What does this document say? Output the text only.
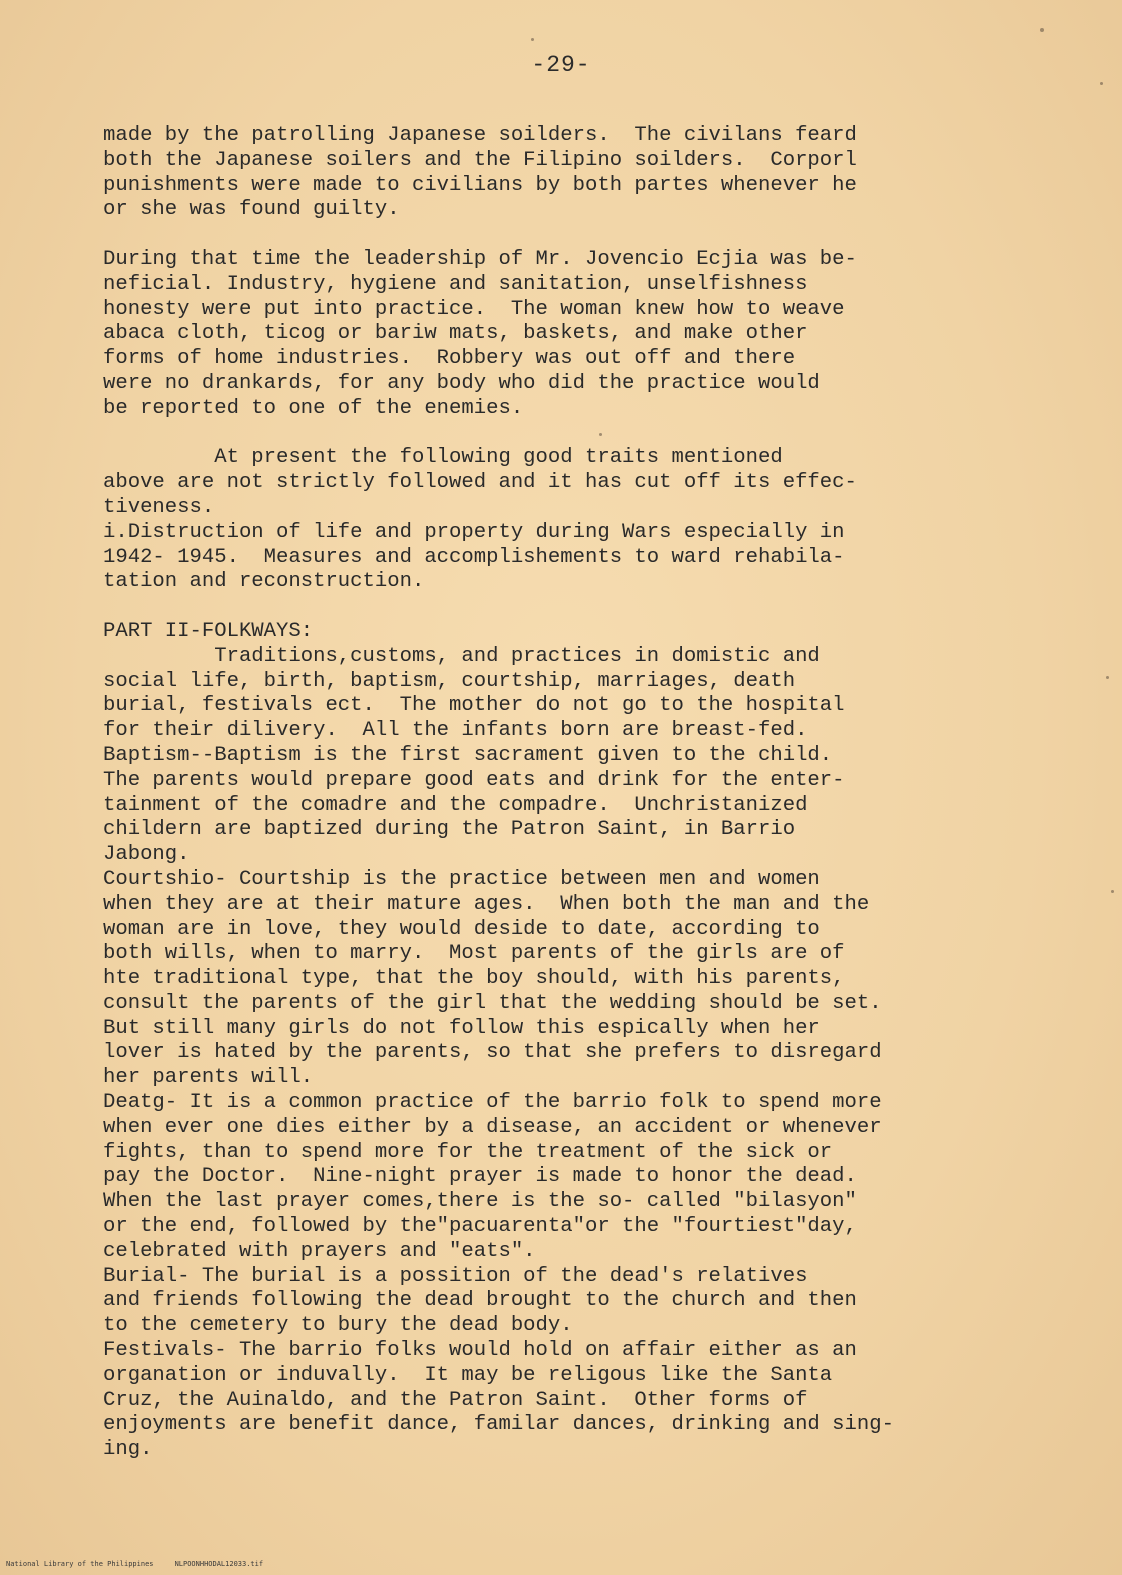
-29-
made by the patrolling Japanese soilders.  The civilans feard
both the Japanese soilers and the Filipino soilders.  Corporl
punishments were made to civilians by both partes whenever he
or she was found guilty.
During that time the leadership of Mr. Jovencio Ecjia was be-
neficial. Industry, hygiene and sanitation, unselfishness
honesty were put into practice.  The woman knew how to weave
abaca cloth, ticog or bariw mats, baskets, and make other
forms of home industries.  Robbery was out off and there
were no drankards, for any body who did the practice would
be reported to one of the enemies.
At present the following good traits mentioned
above are not strictly followed and it has cut off its effec-
tiveness.
i.Distruction of life and property during Wars especially in
1942- 1945.  Measures and accomplishements to ward rehabila-
tation and reconstruction.
PART II-FOLKWAYS:
Traditions,customs, and practices in domistic and
social life, birth, baptism, courtship, marriages, death
burial, festivals ect.  The mother do not go to the hospital
for their dilivery.  All the infants born are breast-fed.
Baptism--Baptism is the first sacrament given to the child.
The parents would prepare good eats and drink for the enter-
tainment of the comadre and the compadre.  Unchristanized
childern are baptized during the Patron Saint, in Barrio
Jabong.
Courtshio- Courtship is the practice between men and women
when they are at their mature ages.  When both the man and the
woman are in love, they would deside to date, according to
both wills, when to marry.  Most parents of the girls are of
hte traditional type, that the boy should, with his parents,
consult the parents of the girl that the wedding should be set.
But still many girls do not follow this espically when her
lover is hated by the parents, so that she prefers to disregard
her parents will.
Deatg- It is a common practice of the barrio folk to spend more
when ever one dies either by a disease, an accident or whenever
fights, than to spend more for the treatment of the sick or
pay the Doctor.  Nine-night prayer is made to honor the dead.
When the last prayer comes,there is the so- called "bilasyon"
or the end, followed by the"pacuarenta"or the "fourtiest"day,
celebrated with prayers and "eats".
Burial- The burial is a possition of the dead's relatives
and friends following the dead brought to the church and then
to the cemetery to bury the dead body.
Festivals- The barrio folks would hold on affair either as an
organation or induvally.  It may be religous like the Santa
Cruz, the Auinaldo, and the Patron Saint.  Other forms of
enjoyments are benefit dance, familar dances, drinking and sing-
ing.
National Library of the Philippines     NLPOONHHODAL12033.tif
